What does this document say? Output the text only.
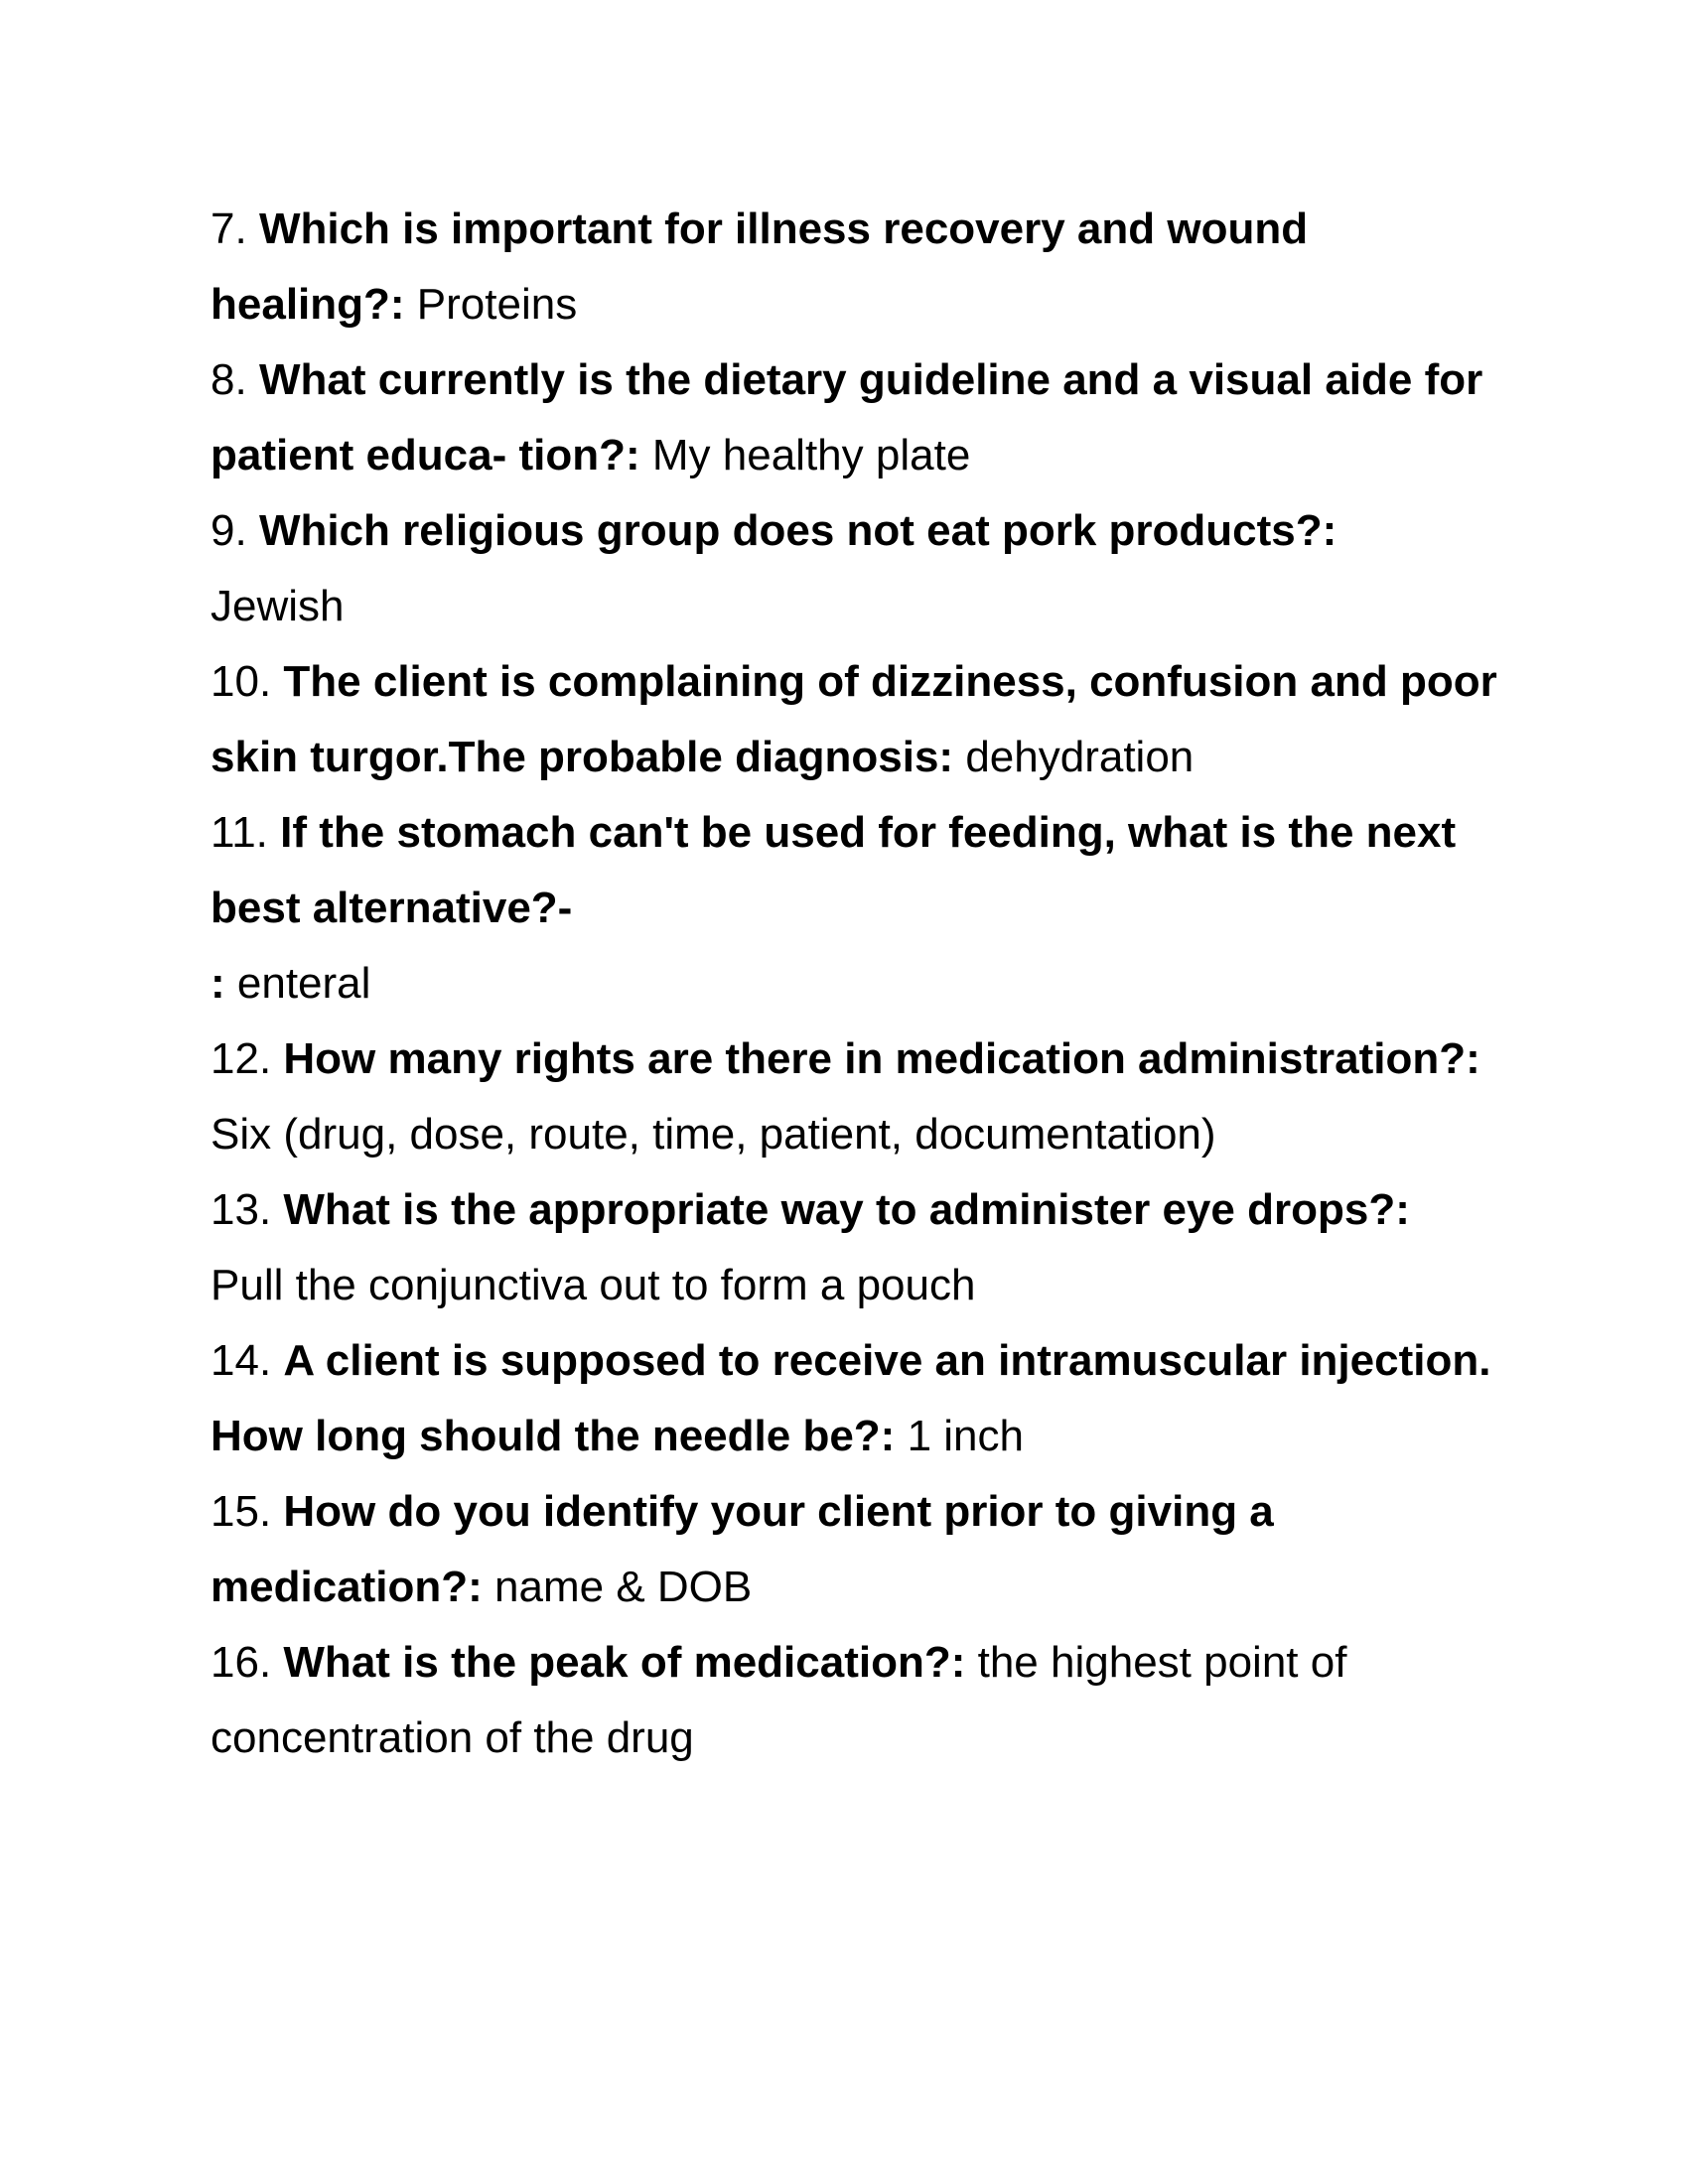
7. Which is important for illness recovery and wound healing?: Proteins

8. What currently is the dietary guideline and a visual aide for patient educa- tion?: My healthy plate

9. Which religious group does not eat pork products?:
Jewish

10. The client is complaining of dizziness, confusion and poor skin turgor.The probable diagnosis: dehydration

11. If the stomach can't be used for feeding, what is the next best alternative?-
: enteral

12. How many rights are there in medication administration?: Six (drug, dose, route, time, patient, documentation)

13. What is the appropriate way to administer eye drops?:
Pull the conjunctiva out to form a pouch

14. A client is supposed to receive an intramuscular injection. How long should the needle be?: 1 inch

15. How do you identify your client prior to giving a medication?: name & DOB

16. What is the peak of medication?: the highest point of concentration of the drug
